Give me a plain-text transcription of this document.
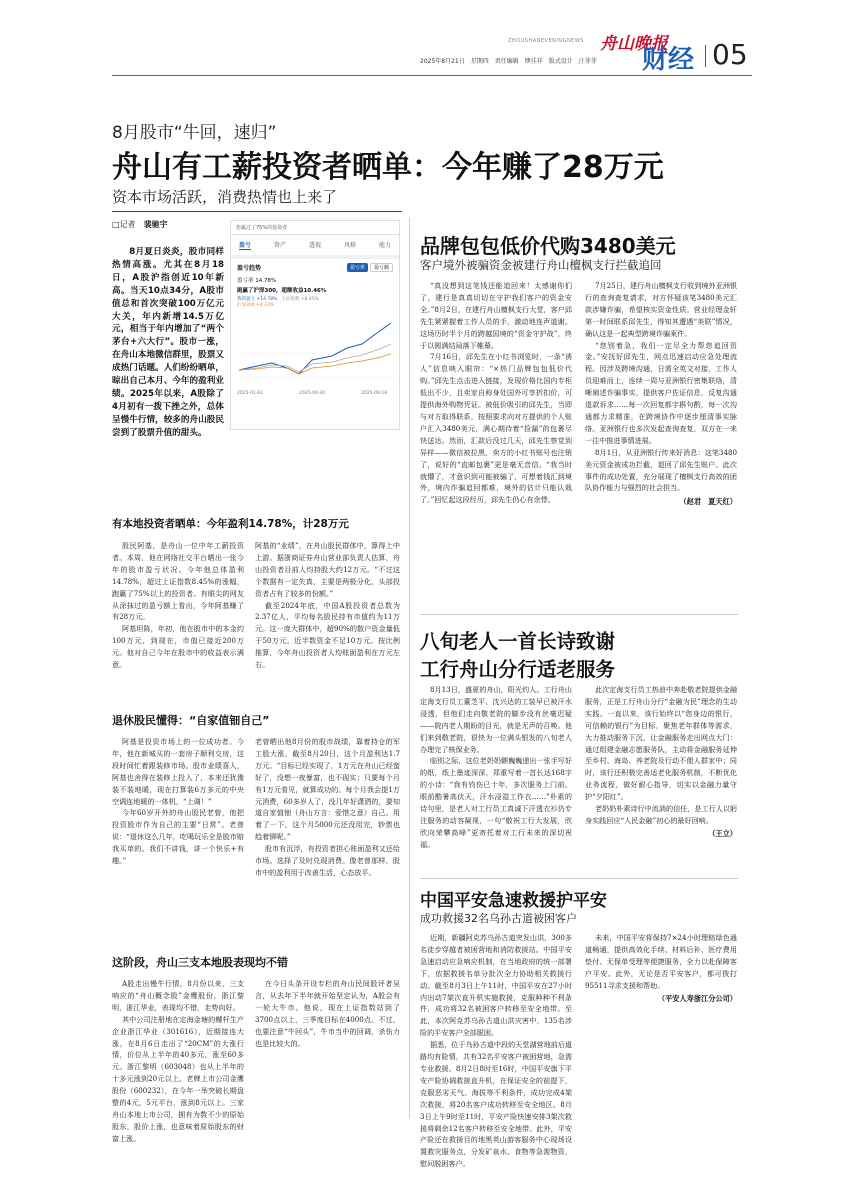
ZHOUSHANEVENINGNEWS 舟山晚报
2025年8月21日　星期四　责任编辑　缪佳祥　版式设计　汪菲菲 财经 05
8月股市“牛回，速归”
舟山有工薪投资者晒单：今年赚了28万元
资本市场活跃，消费热情也上来了
□记者　 裴驰宇
8月夏日炎炎，股市同样热情高涨。尤其在8月18日，A股沪指创近10年新高。当天10点34分，A股市值总和首次突破100万亿元大关，年内新增14.5万亿元，相当于年内增加了“两个茅台+六大行”。股市一涨，在舟山本地微信群里，股票又成热门话题。人们纷纷晒单，晾出自己本月、今年的盈利业绩。2025年以来，A股除了4月初有一拨下挫之外，总体呈慢牛行情，较多的舟山股民尝到了股票升值的甜头。
您赢过了75%的投资者
盈亏	资产	透视	风格	能力
盈亏趋势	盈亏率	盈亏额
盈亏率 14.78%
跑赢了沪深300，超额收益10.46%
我的盈亏 +14.78% 上证指数 +8.45%
沪深300 +4.33%
2025-01-02	2025-04-30	2025-08-18
有本地投资者晒单：今年盈利14.78%，计28万元

股民阿基，是舟山一位中年工薪投资者。本周，他在网络社交平台晒出一张今年的股市盈亏状况。今年他总体盈利14.78%，超过上证指数8.45%的涨幅，跑赢了75%以上的投资者。有眼尖的网友从涂抹过的盈亏额上看出，今年阿基赚了有28万元。

阿基坦陈，年初，他在股市中的本金约100万元，到现在，市值已接近200万元。他对自己今年在股市中的收益表示满意。

阿基的“业绩”，在舟山股民群体中，算得上中上游。据浙商证券舟山营业部负责人估算，舟山投资者目前人均持股大约12万元。“不过这个数据有一定失真，主要是两极分化，头部投资者占有了较多的份额。”

截至2024年底，中国A股投资者总数为2.37亿人，平均每名股民持有市值约为11万元。这一庞大群体中，超90%的散户资金量低于50万元。近半数资金不足10万元。按比例推算，今年舟山投资者人均账面盈利在万元左右。

退休股民懂得：“自家值钿自己”

阿基是投资市场上的一位成功者。今年，他在新城买的一套房子顺利交房，这段时间忙着跟装修市场。股市业绩喜人，阿基也舍得在装修上投入了，本来还犹豫装不装地暖，现在打算装6万多元的中央空调连地暖的一体机，“上调！”

今年60岁开外的舟山股民老曾，他把投资股市作为自己的主要“日常”。老曾说：“退休这么几年，吃喝玩乐全是股市赔我买单的。我们不讲钱，讲一个快乐+有趣。”

老曾晒出他8月份的股市战绩，靠着持仓的军工股大涨，截至8月20日，这个月盈利达1.7万元。“目标已经实现了，1万元在舟山已经蛮好了，没想一夜暴富，也不现实；只要每个月有1万元看见，就算成功的。每个月我会提1万元消费，60多岁人了，没几年好潇洒的，要知道自家值钿（舟山方言：爱惜之意）自己。用着了一下，这个月5000元还没用完，钞票也趋着铆呢。”

股市有沉浮，有投资者担心账面盈利又还给市场。选择了及时兑现消费。像老曾那样，股市中的盈利用于改善生活，心态放平。

这阶段，舟山三支本地股表现均不错

A股走出慢牛行情，8月份以来，三支响应的“舟山概念股”金鹰股份，浙江黎明，浙江华业，表现均不错，走势向好。

其中公司注册地在定海金塘的螺杆生产企业浙江华业（301616），近期接连大涨，在8月6日走出了“20CM”的大涨行情，价位从上半年的40多元，涨至60多元。浙江黎明（603048）也从上半年的十多元涨到20元以上。老牌上市公司金鹰股份（600232），在今年一举突破长期盘整的4元，5元平台，涨到8元以上。三家舟山本地上市公司，拥有为数不少的原始股东，股价上涨，也意味着原始股东的财富上涨。

在今日头条开设专栏的舟山民间股评者吴言，从去年下半年就开始坚定认为，A股会有一轮大牛市。他说，现在上证指数站到了3700点以上，三季度目标在4000点。不过，也要注意“牛回头”，牛市当中的回调，杀伤力也是比较大的。

品牌包包低价代购3480美元
客户境外被骗资金被建行舟山檀枫支行拦截追回

“真没想到这笔钱还能追回来！太感谢你们了，建行是真真切切在守护我们客户的资金安全。”8月2日，在建行舟山檀枫支行大堂，客户邱先生紧紧握着工作人员的手，激动地连声道谢。这场历时半个月的跨越国境的“资金守护战”，终于以圆满结局落下帷幕。

7月16日，邱先生在小红书浏览时，一条“诱人”信息映入眼帘：“×热门品牌包包低价代购。”邱先生点击进入链接，发现价格比国内专柜低出不少，且卖家自称身处国外可享折扣价，可提供海外购物凭证。被低价吸引的邱先生，当即与对方取得联系，按照要求向对方提供的个人账户汇入3480美元，满心期待着“捡漏”的包裹尽快送达。然而，汇款后没过几天，邱先生察觉到异样——微信被拉黑，卖方的小红书账号也注销了，说好的“直邮包裹”更是毫无音信。“我当时就懵了，才意识到可能被骗了，可想着钱汇到境外，境内诈骗追回都难，境外的估计只能认栽了。”回忆起这段经历，邱先生仍心有余悸。

7月25日，建行舟山檀枫支行收到境外亚洲银行的查询查复请求，对方怀疑该笔3480美元汇款涉嫌诈骗，希望核实资金性质。营业经理金轩第一时间联系邱先生，得知其遭遇“美联”情况，确认这是一起典型跨境诈骗案件。

“您别着急，我们一定尽全力帮您追回资金。”安抚好邱先生，网点迅速启动应急处理流程。因涉及跨境沟通，日需全英文对接，工作人员迎难而上，连续一周与亚洲银行密集联络，清晰阐述诈骗事实，提供客户佐证信息，反复沟通退款诉求……每一次回复都字斟句酌，每一次沟通都力求精准，在跨境协作中逐步厘清事实脉络。亚洲银行也多次发起查询查复，双方在一来一往中推进事情进展。

8月1日，从亚洲银行传来好消息：这笔3480美元资金被成功拦截，退回了邱先生账户。此次事件的成功处置，充分展现了檀枫支行高效的团队协作能力与强烈的社会担当。

（赵君　夏天红）

八旬老人一首长诗致谢
工行舟山分行适老服务

8月13日，盛夏的舟山，阳光灼人。工行舟山定海支行员工董芝平、沈兴达的工装早已被汗水浸透，但他们走向敬老院的脚步没有丝毫迟疑——院内老人期盼的目光，就是无声的召唤。他们来到敬老院，很快为一位满头银发的八旬老人办理完了核保业务。

临别之际，这位老奶奶颤巍巍递出一张手写好的纸，纸上墨迹深深，郑重写着一首长达168字的小诗：“我有钧伤已十年，多次服务上门前。眼前酷暑高伏天，汗水浸湿工作衣……”朴素的诗句里，是老人对工行员工真诚下汗透衣衫仍专注服务的动容凝视，一句“敬祝工行大发展，欣欣向荣攀高峰”更寄托着对工行未来的深切祝福。

此次定海支行员工热浪中奔赴敬老院提供金融服务，正是工行舟山分行“金融为民”理念的生动实践。一直以来，该行始终以“您身边的银行，可信赖的银行”为目标，聚焦老年群体等需求，大力推动服务下沉，让金融服务走出网点大门：通过组建金融志愿服务队，主动将金融服务延伸至乡村、海岛、养老院及行动不便人群家中；同时，该行还积极完善适老化服务机制，不断优化业务流程，做好耐心指导，切实以金融力量守护“夕阳红”。

老奶奶朴素诗行中流淌的信任，是工行人以躬身实践回应“人民金融”初心的最好回响。

（王立）

中国平安急速救援护平安
成功救援32名乌孙古道被困客户

近期，新疆阿克苏乌孙古道突发山洪，300多名徒步穿越者被困营地和消防救援站。中国平安急速启动应急响应机制，在当地政府的统一部署下，依据救援名单分批次全力协助相关救援行动。截至8月3日上午11时，中国平安在27小时内出动7架次直升机实施救援，克服种种不利条件，成功将32名被困客户转移至安全地带。至此，本次阿克苏乌孙古道山洪灾害中，135名涉险的平安客户全部脱困。

据悉，位于乌孙古道中段的天堂湖营地前后道路均有险情，共有32名平安客户被困营地，急需专业救援。8月2日8时至16时，中国平安旗下平安产险协调救援直升机，在保证安全的前提下，克服恶劣天气、海拔等不利条件，成功完成4架次救援，将20名客户成功转移至安全地区。8月3日上午9时至11时，平安产险快速安排3架次救援将剩余12名客户转移至安全地带。此外，平安产险还在救援目的地黑英山游客服务中心现场设置救灾服务点，分发矿泉水、食物等急需物资，慰问脱困客户。

未来，中国平安将保持7×24小时理赔绿色通道畅通，提供高效化手续、材料后补、医疗费用垫付、无保单受理等便捷服务，全力以赴保障客户平安。此外，无论是否平安客户，都可拨打95511寻求支援和帮助。

（平安人寿浙江分公司）
